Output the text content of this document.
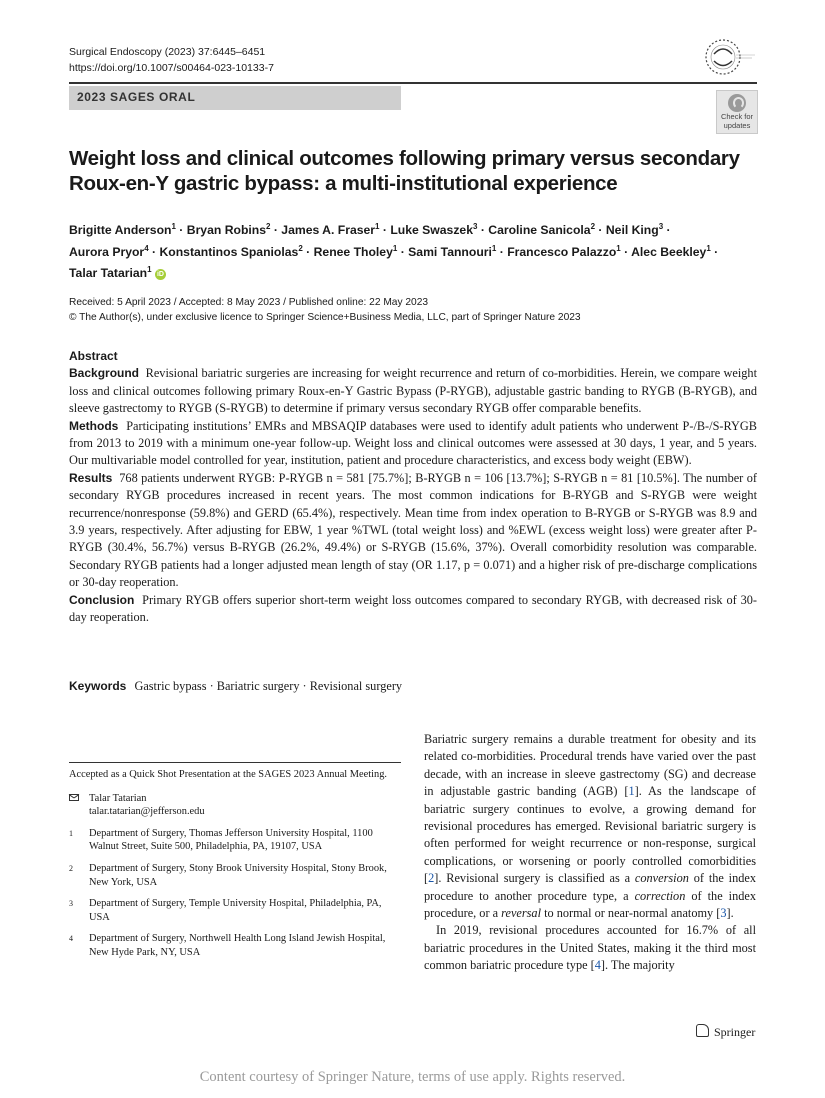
Surgical Endoscopy (2023) 37:6445–6451
https://doi.org/10.1007/s00464-023-10133-7
2023 SAGES ORAL
Check for
updates
Weight loss and clinical outcomes following primary versus secondary Roux-en-Y gastric bypass: a multi-institutional experience
Brigitte Anderson$^1$ · Bryan Robins$^2$ · James A. Fraser$^1$ · Luke Swaszek$^3$ · Caroline Sanicola$^2$ · Neil King$^3$ ·
Aurora Pryor$^4$ · Konstantinos Spaniolas$^2$ · Renee Tholey$^1$ · Sami Tannouri$^1$ · Francesco Palazzo$^1$ · Alec Beekley$^1$ ·
Talar Tatarian$^1$ iD
Received: 5 April 2023 / Accepted: 8 May 2023 / Published online: 22 May 2023
© The Author(s), under exclusive licence to Springer Science+Business Media, LLC, part of Springer Nature 2023
Abstract

Background Revisional bariatric surgeries are increasing for weight recurrence and return of co-morbidities. Herein, we compare weight loss and clinical outcomes following primary Roux-en-Y Gastric Bypass (P-RYGB), adjustable gastric banding to RYGB (B-RYGB), and sleeve gastrectomy to RYGB (S-RYGB) to determine if primary versus secondary RYGB offer comparable benefits.

Methods Participating institutions’ EMRs and MBSAQIP databases were used to identify adult patients who underwent P-/B-/S-RYGB from 2013 to 2019 with a minimum one-year follow-up. Weight loss and clinical outcomes were assessed at 30 days, 1 year, and 5 years. Our multivariable model controlled for year, institution, patient and procedure characteristics, and excess body weight (EBW).

Results 768 patients underwent RYGB: P-RYGB n = 581 [75.7%]; B-RYGB n = 106 [13.7%]; S-RYGB n = 81 [10.5%]. The number of secondary RYGB procedures increased in recent years. The most common indications for B-RYGB and S-RYGB were weight recurrence/nonresponse (59.8%) and GERD (65.4%), respectively. Mean time from index operation to B-RYGB or S-RYGB was 8.9 and 3.9 years, respectively. After adjusting for EBW, 1 year %TWL (total weight loss) and %EWL (excess weight loss) were greater after P-RYGB (30.4%, 56.7%) versus B-RYGB (26.2%, 49.4%) or S-RYGB (15.6%, 37%). Overall comorbidity resolution was comparable. Secondary RYGB patients had a longer adjusted mean length of stay (OR 1.17, p = 0.071) and a higher risk of pre-discharge complications or 30-day reoperation.

Conclusion Primary RYGB offers superior short-term weight loss outcomes compared to secondary RYGB, with decreased risk of 30-day reoperation.

Keywords Gastric bypass · Bariatric surgery · Revisional surgery
Accepted as a Quick Shot Presentation at the SAGES 2023 Annual Meeting.
Talar Tatarian
talar.tatarian@jefferson.edu
1 Department of Surgery, Thomas Jefferson University Hospital, 1100 Walnut Street, Suite 500, Philadelphia, PA, 19107, USA
2 Department of Surgery, Stony Brook University Hospital, Stony Brook, New York, USA
3 Department of Surgery, Temple University Hospital, Philadelphia, PA, USA
4 Department of Surgery, Northwell Health Long Island Jewish Hospital, New Hyde Park, NY, USA

Bariatric surgery remains a durable treatment for obesity and its related co-morbidities. Procedural trends have varied over the past decade, with an increase in sleeve gastrectomy (SG) and decrease in adjustable gastric banding (AGB) [1]. As the landscape of bariatric surgery continues to evolve, a growing demand for revisional procedures has emerged. Revisional bariatric surgery is often performed for weight recurrence or non-response, surgical complications, or worsening or poorly controlled comorbidities [2]. Revisional surgery is classified as a conversion of the index procedure to another procedure type, a correction of the index procedure, or a reversal to normal or near-normal anatomy [3].

In 2019, revisional procedures accounted for 16.7% of all bariatric procedures in the United States, making it the third most common bariatric procedure type [4]. The majority

Springer
Content courtesy of Springer Nature, terms of use apply. Rights reserved.
